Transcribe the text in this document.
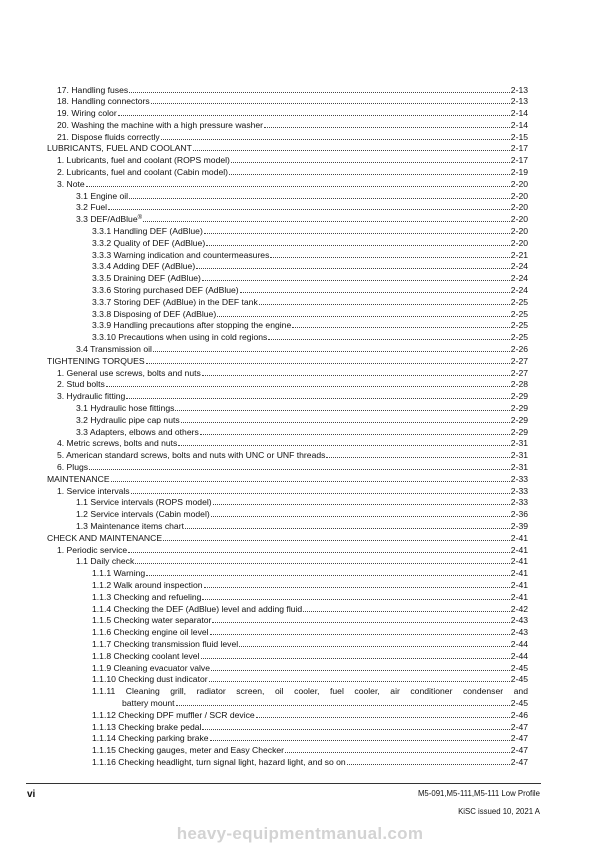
17. Handling fuses	2-13
18. Handling connectors	2-13
19. Wiring color	2-14
20. Washing the machine with a high pressure washer	2-14
21. Dispose fluids correctly	2-15
LUBRICANTS, FUEL AND COOLANT	2-17
1. Lubricants, fuel and coolant (ROPS model)	2-17
2. Lubricants, fuel and coolant (Cabin model)	2-19
3. Note	2-20
3.1 Engine oil	2-20
3.2 Fuel	2-20
3.3 DEF/AdBlue®	2-20
3.3.1 Handling DEF (AdBlue)	2-20
3.3.2 Quality of DEF (AdBlue)	2-20
3.3.3 Warning indication and countermeasures	2-21
3.3.4 Adding DEF (AdBlue)	2-24
3.3.5 Draining DEF (AdBlue)	2-24
3.3.6 Storing purchased DEF (AdBlue)	2-24
3.3.7 Storing DEF (AdBlue) in the DEF tank	2-25
3.3.8 Disposing of DEF (AdBlue)	2-25
3.3.9 Handling precautions after stopping the engine	2-25
3.3.10 Precautions when using in cold regions	2-25
3.4 Transmission oil	2-26
TIGHTENING TORQUES	2-27
1. General use screws, bolts and nuts	2-27
2. Stud bolts	2-28
3. Hydraulic fitting	2-29
3.1 Hydraulic hose fittings	2-29
3.2 Hydraulic pipe cap nuts	2-29
3.3 Adapters, elbows and others	2-29
4. Metric screws, bolts and nuts	2-31
5. American standard screws, bolts and nuts with UNC or UNF threads	2-31
6. Plugs	2-31
MAINTENANCE	2-33
1. Service intervals	2-33
1.1 Service intervals (ROPS model)	2-33
1.2 Service intervals (Cabin model)	2-36
1.3 Maintenance items chart	2-39
CHECK AND MAINTENANCE	2-41
1. Periodic service	2-41
1.1 Daily check	2-41
1.1.1 Warning	2-41
1.1.2 Walk around inspection	2-41
1.1.3 Checking and refueling	2-41
1.1.4 Checking the DEF (AdBlue) level and adding fluid	2-42
1.1.5 Checking water separator	2-43
1.1.6 Checking engine oil level	2-43
1.1.7 Checking transmission fluid level	2-44
1.1.8 Checking coolant level	2-44
1.1.9 Cleaning evacuator valve	2-45
1.1.10 Checking dust indicator	2-45
1.1.11 Cleaning grill, radiator screen, oil cooler, fuel cooler, air conditioner condenser and
battery mount	2-45
1.1.12 Checking DPF muffler / SCR device	2-46
1.1.13 Checking brake pedal	2-47
1.1.14 Checking parking brake	2-47
1.1.15 Checking gauges, meter and Easy Checker	2-47
1.1.16 Checking headlight, turn signal light, hazard light, and so on	2-47
vi	M5-091,M5-111,M5-111 Low Profile
KiSC issued 10, 2021 A
heavy-equipmentmanual.com
